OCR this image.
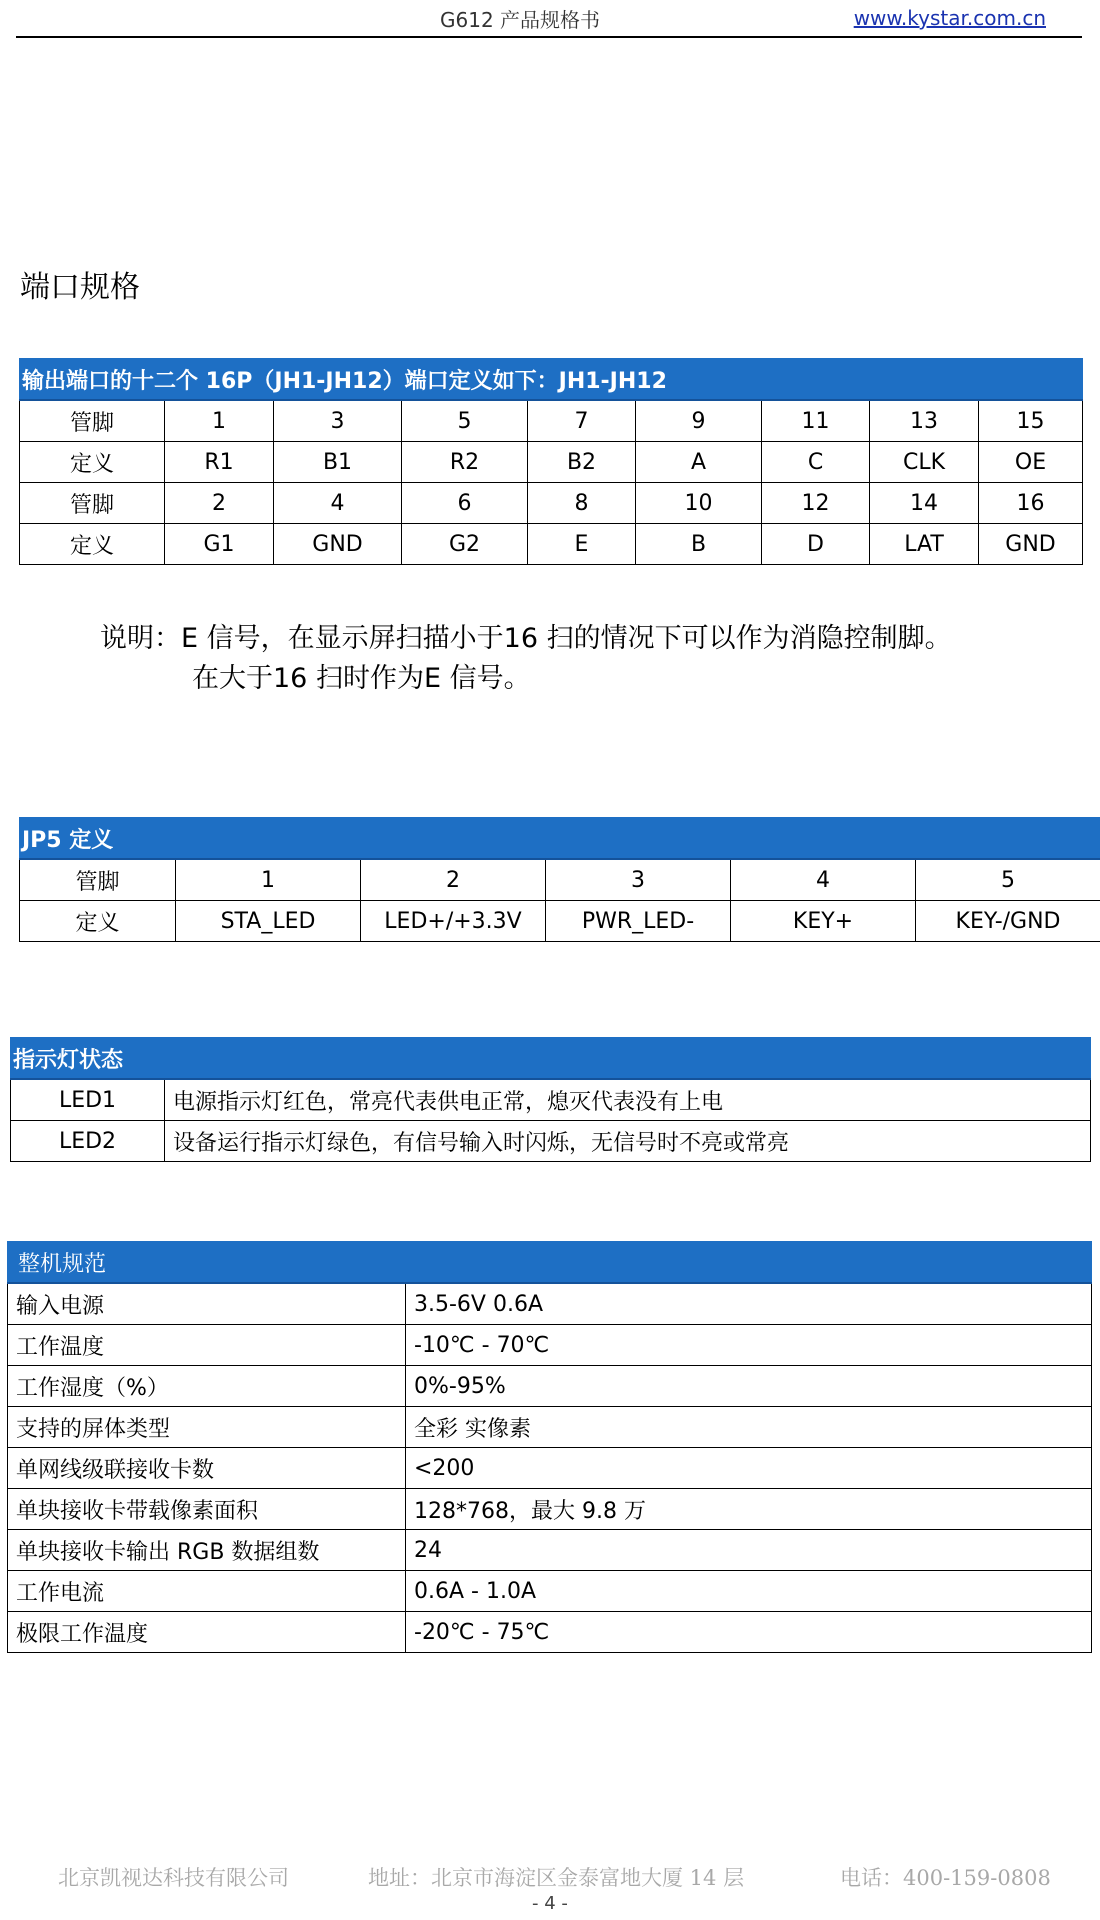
G612 产品规格书	www.kystar.com.cn
端口规格
输出端口的十二个 16P（JH1-JH12）端口定义如下：JH1-JH12								
管脚	1	3	5	7	9	11	13	15
定义	R1	B1	R2	B2	A	C	CLK	OE
管脚	2	4	6	8	10	12	14	16
定义	G1	GND	G2	E	B	D	LAT	GND
说明：E 信号，在显示屏扫描小于16 扫的情况下可以作为消隐控制脚。
在大于16 扫时作为E 信号。
JP5 定义					
管脚	1	2	3	4	5
定义	STA_LED	LED+/+3.3V	PWR_LED-	KEY+	KEY-/GND
指示灯状态	
LED1	电源指示灯红色，常亮代表供电正常，熄灭代表没有上电
LED2	设备运行指示灯绿色，有信号输入时闪烁，无信号时不亮或常亮
整机规范	
输入电源	3.5-6V 0.6A
工作温度	-10℃ - 70℃
工作湿度（%）	0%-95%
支持的屏体类型	全彩 实像素
单网线级联接收卡数	<200
单块接收卡带载像素面积	128*768，最大 9.8 万
单块接收卡输出 RGB 数据组数	24
工作电流	0.6A - 1.0A
极限工作温度	-20℃ - 75℃
北京凯视达科技有限公司	地址：北京市海淀区金泰富地大厦 14 层	电话：400-159-0808
- 4 -
